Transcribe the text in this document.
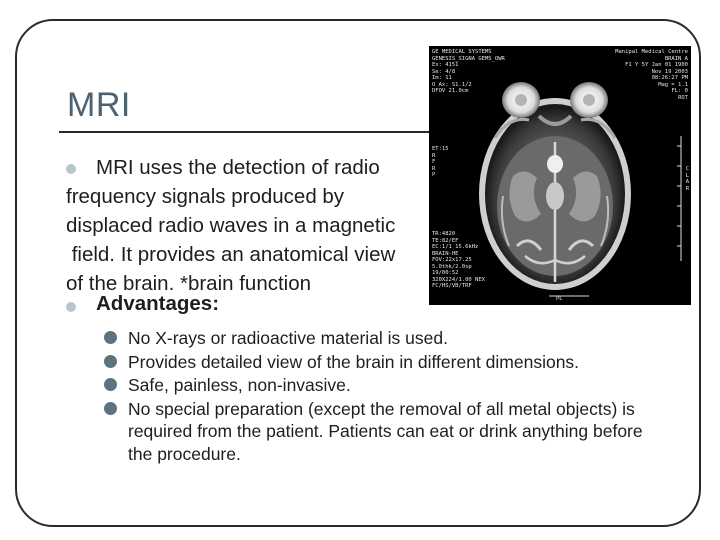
MRI
GE MEDICAL SYSTEMS
GENESIS_SIGNA GEMS_OWR
Ex: 4151
Se: 4/8
Im: 11
O Ax: S1.1/2
DFOV 21.0cm
Manipal Medical Centre
BRAIN A
F1 Y 5Y Jan 01 1900
Nov 19 2003
08:26:27 PM
Mag = 1.1
FL: 0
ROT
ET:15
R
F
R
P
C
L
A
R
TR:4820
TE:82/EF
EC:1/1 15.6kHz
BRAIN-HE
FOV:22x17.25
5.0thk/2.0sp
19/00:52
320X224/1.00 NEX
FC/HS/VB/TRF
PL
MRI uses the detection of radio
frequency signals produced by
displaced radio waves in a magnetic
field. It provides an anatomical view
of the brain. *brain function
Advantages:
No X-rays or radioactive material is used.
Provides detailed view of the brain in different dimensions.
Safe, painless, non-invasive.
No special preparation (except the removal of all metal objects) is required from the patient. Patients can eat or drink anything before the procedure.
